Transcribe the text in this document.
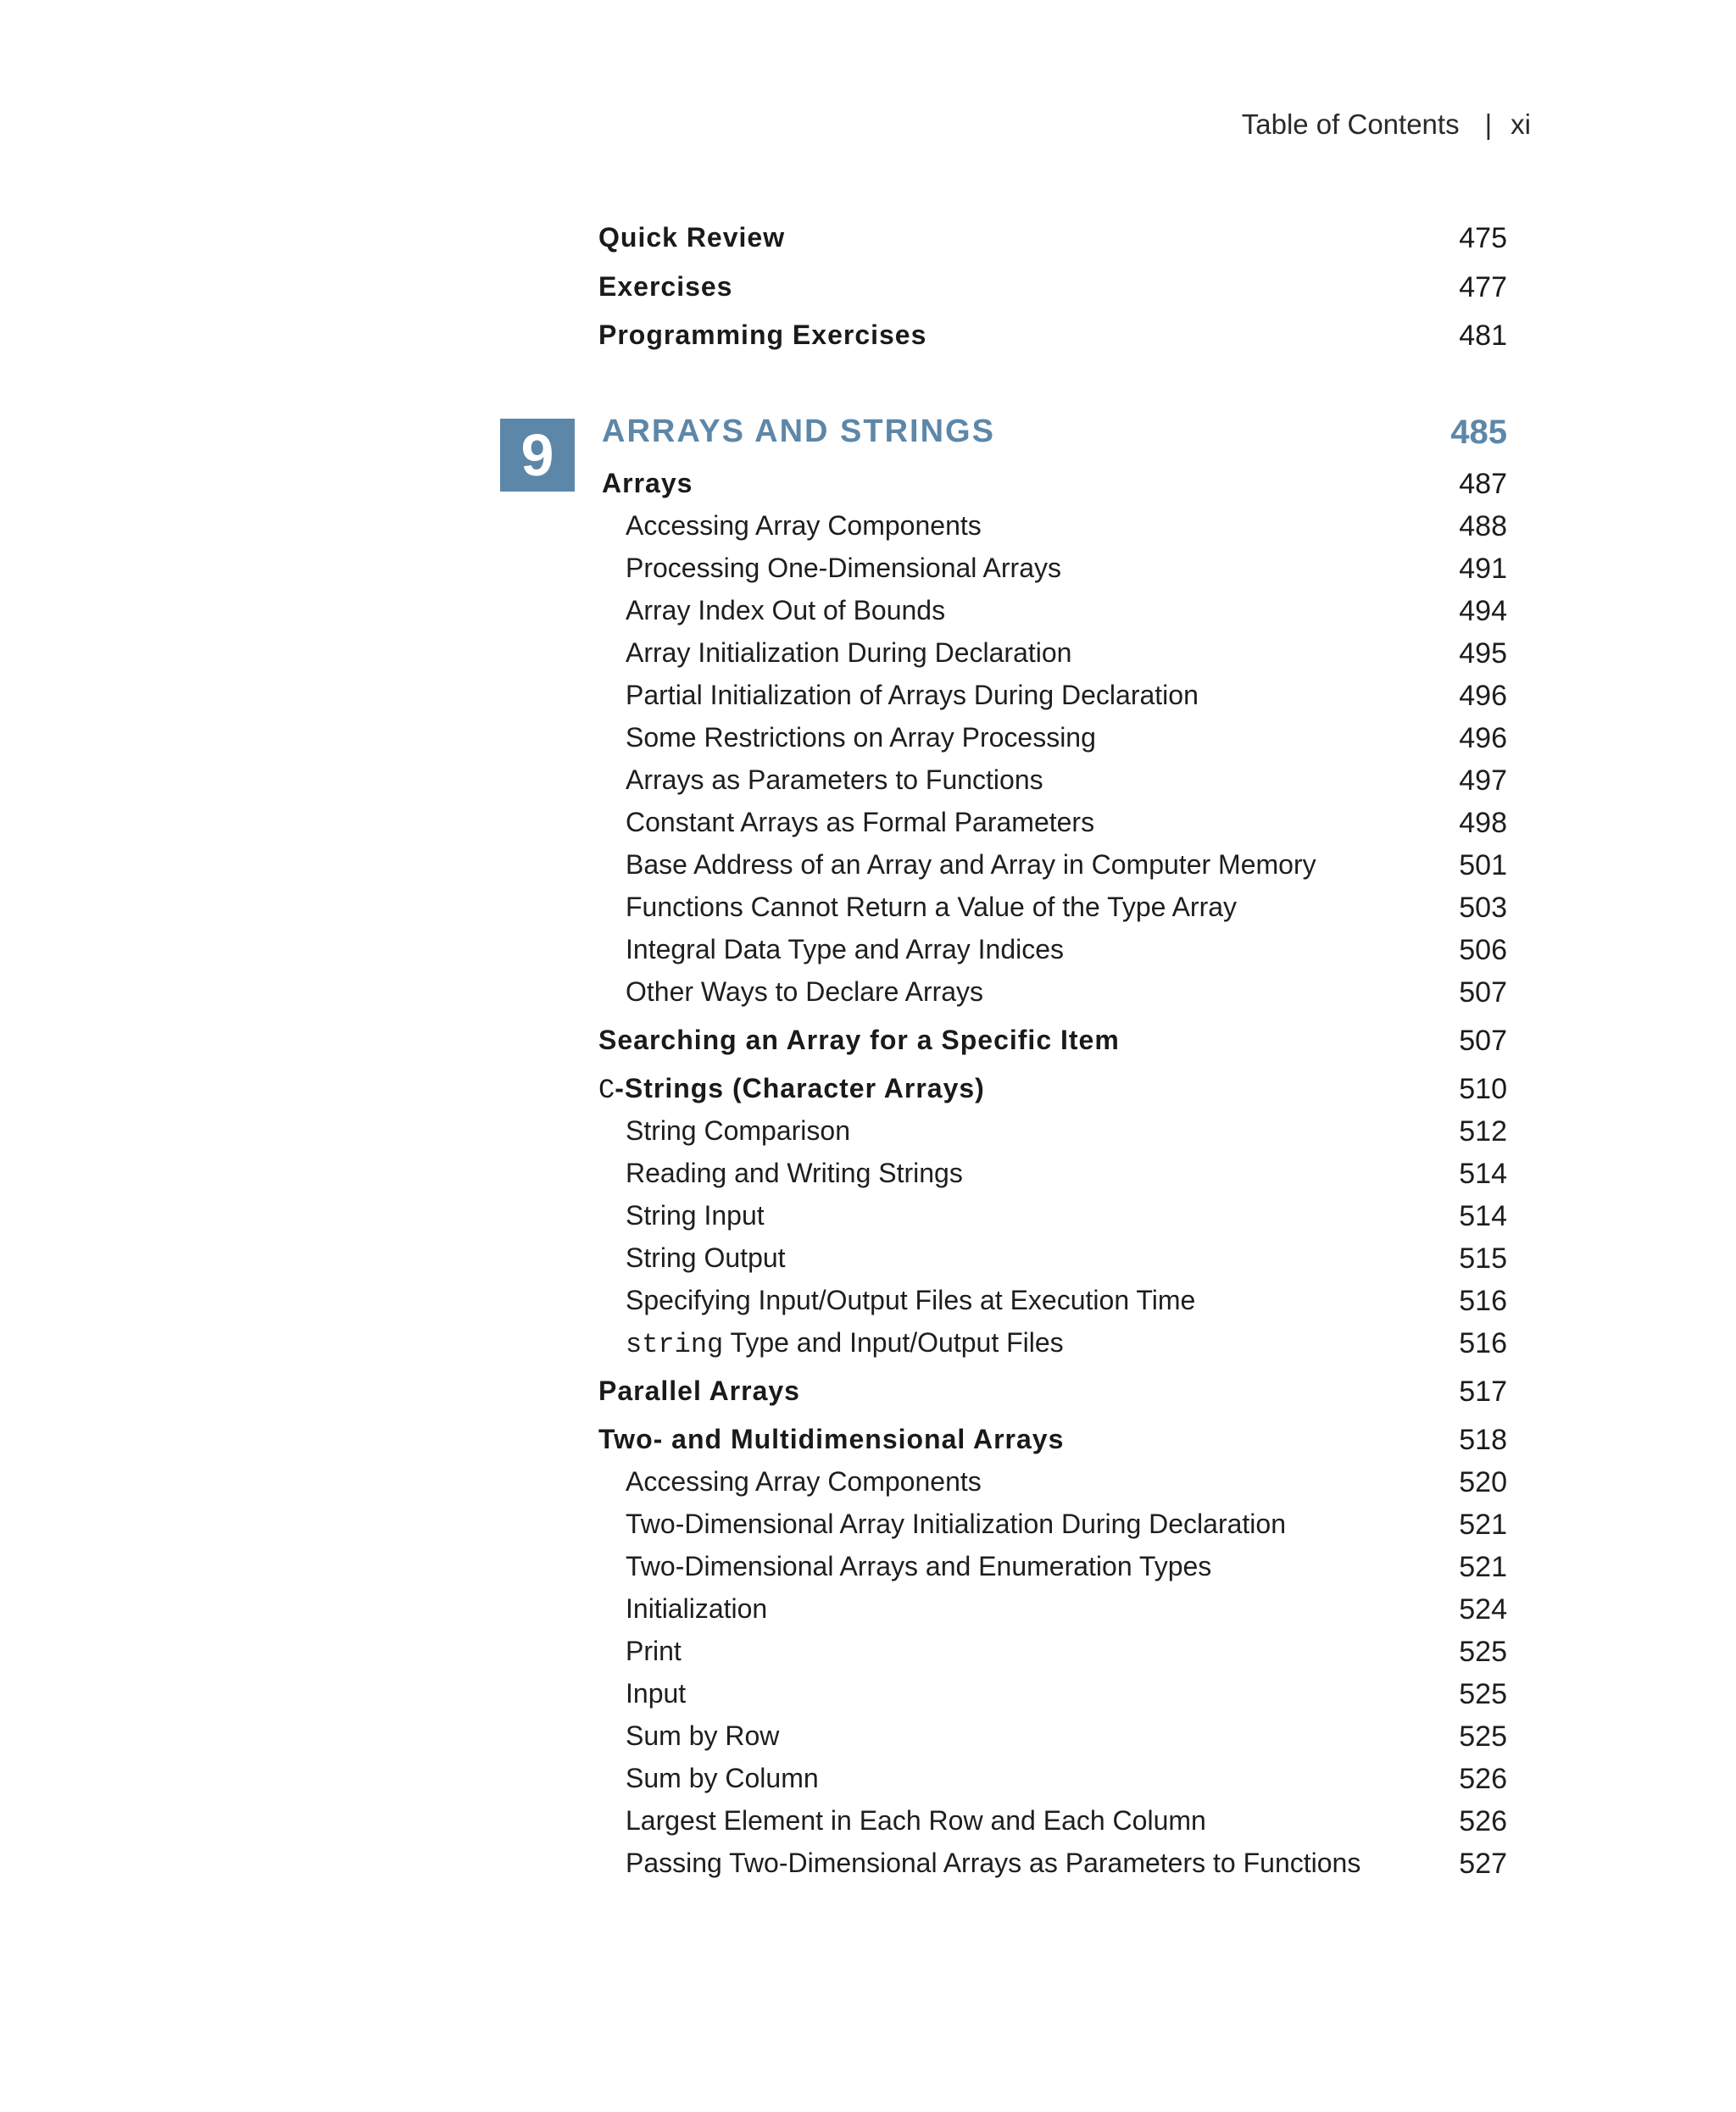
Table of Contents | xi
9
Quick Review	475
Exercises	477
Programming Exercises	481
ARRAYS AND STRINGS	485
Arrays	487
Accessing Array Components	488
Processing One-Dimensional Arrays	491
Array Index Out of Bounds	494
Array Initialization During Declaration	495
Partial Initialization of Arrays During Declaration	496
Some Restrictions on Array Processing	496
Arrays as Parameters to Functions	497
Constant Arrays as Formal Parameters	498
Base Address of an Array and Array in Computer Memory	501
Functions Cannot Return a Value of the Type Array	503
Integral Data Type and Array Indices	506
Other Ways to Declare Arrays	507
Searching an Array for a Specific Item	507
C-Strings (Character Arrays)	510
String Comparison	512
Reading and Writing Strings	514
String Input	514
String Output	515
Specifying Input/Output Files at Execution Time	516
string Type and Input/Output Files	516
Parallel Arrays	517
Two- and Multidimensional Arrays	518
Accessing Array Components	520
Two-Dimensional Array Initialization During Declaration	521
Two-Dimensional Arrays and Enumeration Types	521
Initialization	524
Print	525
Input	525
Sum by Row	525
Sum by Column	526
Largest Element in Each Row and Each Column	526
Passing Two-Dimensional Arrays as Parameters to Functions	527
